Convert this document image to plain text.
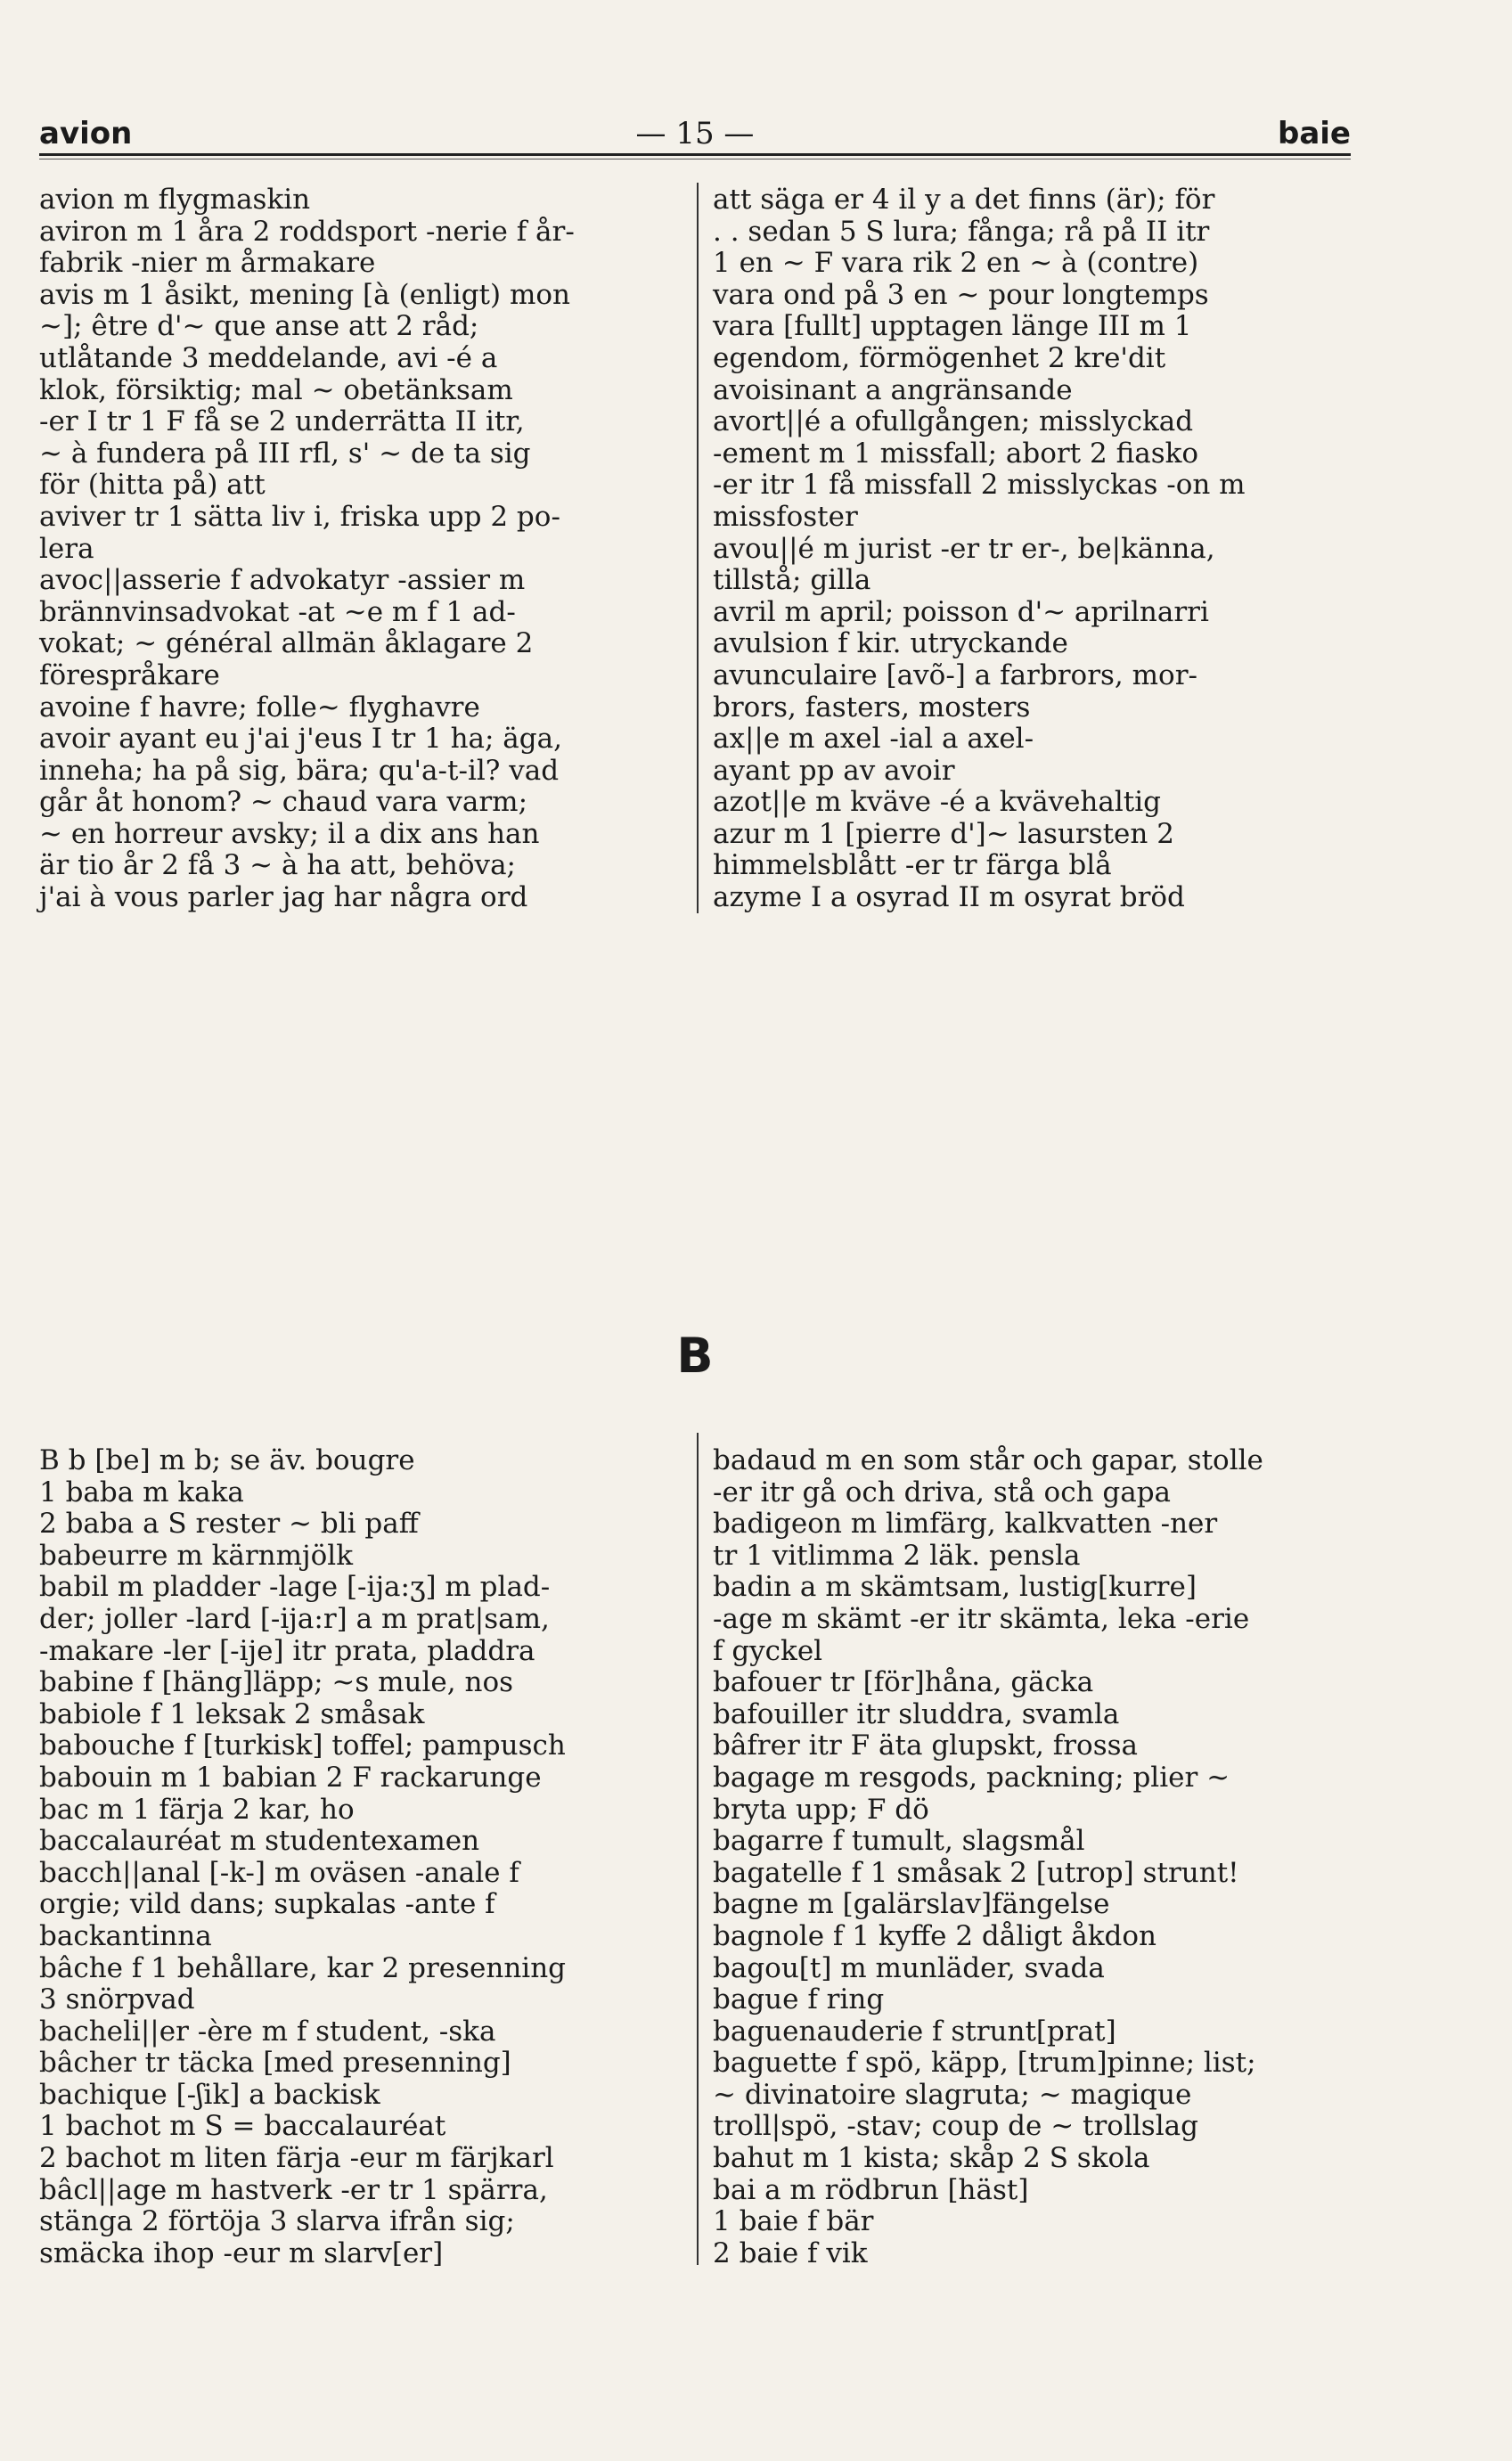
avion	— 15 —	baie
avion m flygmaskin
aviron m 1 åra 2 roddsport -nerie f år-
fabrik -nier m årmakare
avis m 1 åsikt, mening [à (enligt) mon
~]; être d'~ que anse att 2 råd;
utlåtande 3 meddelande, avi -é a
klok, försiktig; mal ~ obetänksam
-er I tr 1 F få se 2 underrätta II itr,
~ à fundera på III rfl, s' ~ de ta sig
för (hitta på) att
aviver tr 1 sätta liv i, friska upp 2 po-
lera
avoc||asserie f advokatyr -assier m
brännvinsadvokat -at ~e m f 1 ad-
vokat; ~ général allmän åklagare 2
förespråkare
avoine f havre; folle~ flyghavre
avoir ayant eu j'ai j'eus I tr 1 ha; äga,
inneha; ha på sig, bära; qu'a-t-il? vad
går åt honom? ~ chaud vara varm;
~ en horreur avsky; il a dix ans han
är tio år 2 få 3 ~ à ha att, behöva;
j'ai à vous parler jag har några ord
att säga er 4 il y a det finns (är); för
. . sedan 5 S lura; fånga; rå på II itr
1 en ~ F vara rik 2 en ~ à (contre)
vara ond på 3 en ~ pour longtemps
vara [fullt] upptagen länge III m 1
egendom, förmögenhet 2 kre'dit
avoisinant a angränsande
avort||é a ofullgången; misslyckad
-ement m 1 missfall; abort 2 fiasko
-er itr 1 få missfall 2 misslyckas -on m
missfoster
avou||é m jurist -er tr er-, be|känna,
tillstå; gilla
avril m april; poisson d'~ aprilnarri
avulsion f kir. utryckande
avunculaire [avõ-] a farbrors, mor-
brors, fasters, mosters
ax||e m axel -ial a axel-
ayant pp av avoir
azot||e m kväve -é a kvävehaltig
azur m 1 [pierre d']~ lasursten 2
himmelsblått -er tr färga blå
azyme I a osyrad II m osyrat bröd
B
B b [be] m b; se äv. bougre
1 baba m kaka
2 baba a S rester ~ bli paff
babeurre m kärnmjölk
babil m pladder -lage [-ija:ʒ] m plad-
der; joller -lard [-ija:r] a m prat|sam,
-makare -ler [-ije] itr prata, pladdra
babine f [häng]läpp; ~s mule, nos
babiole f 1 leksak 2 småsak
babouche f [turkisk] toffel; pampusch
babouin m 1 babian 2 F rackarunge
bac m 1 färja 2 kar, ho
baccalauréat m studentexamen
bacch||anal [-k-] m oväsen -anale f
orgie; vild dans; supkalas -ante f
backantinna
bâche f 1 behållare, kar 2 presenning
3 snörpvad
bacheli||er -ère m f student, -ska
bâcher tr täcka [med presenning]
bachique [-ʃik] a backisk
1 bachot m S = baccalauréat
2 bachot m liten färja -eur m färjkarl
bâcl||age m hastverk -er tr 1 spärra,
stänga 2 förtöja 3 slarva ifrån sig;
smäcka ihop -eur m slarv[er]
badaud m en som står och gapar, stolle
-er itr gå och driva, stå och gapa
badigeon m limfärg, kalkvatten -ner
tr 1 vitlimma 2 läk. pensla
badin a m skämtsam, lustig[kurre]
-age m skämt -er itr skämta, leka -erie
f gyckel
bafouer tr [för]håna, gäcka
bafouiller itr sluddra, svamla
bâfrer itr F äta glupskt, frossa
bagage m resgods, packning; plier ~
bryta upp; F dö
bagarre f tumult, slagsmål
bagatelle f 1 småsak 2 [utrop] strunt!
bagne m [galärslav]fängelse
bagnole f 1 kyffe 2 dåligt åkdon
bagou[t] m munläder, svada
bague f ring
baguenauderie f strunt[prat]
baguette f spö, käpp, [trum]pinne; list;
~ divinatoire slagruta; ~ magique
troll|spö, -stav; coup de ~ trollslag
bahut m 1 kista; skåp 2 S skola
bai a m rödbrun [häst]
1 baie f bär
2 baie f vik
